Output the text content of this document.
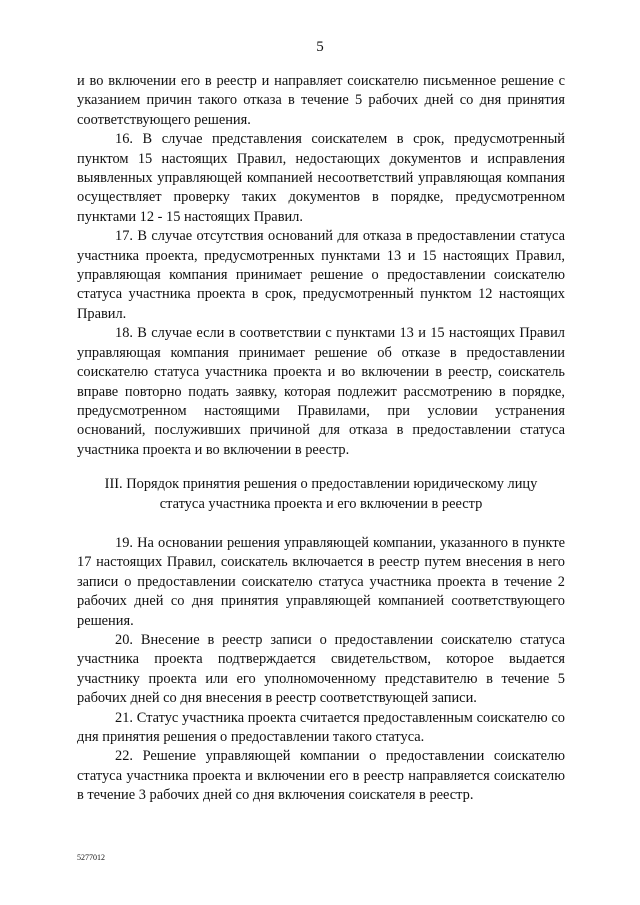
5

и во включении его в реестр и направляет соискателю письменное решение с указанием причин такого отказа в течение 5 рабочих дней со дня принятия соответствующего решения.

16. В случае представления соискателем в срок, предусмотренный пунктом 15 настоящих Правил, недостающих документов и исправления выявленных управляющей компанией несоответствий управляющая компания осуществляет проверку таких документов в порядке, предусмотренном пунктами 12 - 15 настоящих Правил.

17. В случае отсутствия оснований для отказа в предоставлении статуса участника проекта, предусмотренных пунктами 13 и 15 настоящих Правил, управляющая компания принимает решение о предоставлении соискателю статуса участника проекта в срок, предусмотренный пунктом 12 настоящих Правил.

18. В случае если в соответствии с пунктами 13 и 15 настоящих Правил управляющая компания принимает решение об отказе в предоставлении соискателю статуса участника проекта и во включении в реестр, соискатель вправе повторно подать заявку, которая подлежит рассмотрению в порядке, предусмотренном настоящими Правилами, при условии устранения оснований, послуживших причиной для отказа в предоставлении статуса участника проекта и во включении в реестр.

III. Порядок принятия решения о предоставлении юридическому лицу
статуса участника проекта и его включении в реестр

19. На основании решения управляющей компании, указанного в пункте 17 настоящих Правил, соискатель включается в реестр путем внесения в него записи о предоставлении соискателю статуса участника проекта в течение 2 рабочих дней со дня принятия управляющей компанией соответствующего решения.

20. Внесение в реестр записи о предоставлении соискателю статуса участника проекта подтверждается свидетельством, которое выдается участнику проекта или его уполномоченному представителю в течение 5 рабочих дней со дня внесения в реестр соответствующей записи.

21. Статус участника проекта считается предоставленным соискателю со дня принятия решения о предоставлении такого статуса.

22. Решение управляющей компании о предоставлении соискателю статуса участника проекта и включении его в реестр направляется соискателю в течение 3 рабочих дней со дня включения соискателя в реестр.

5277012
